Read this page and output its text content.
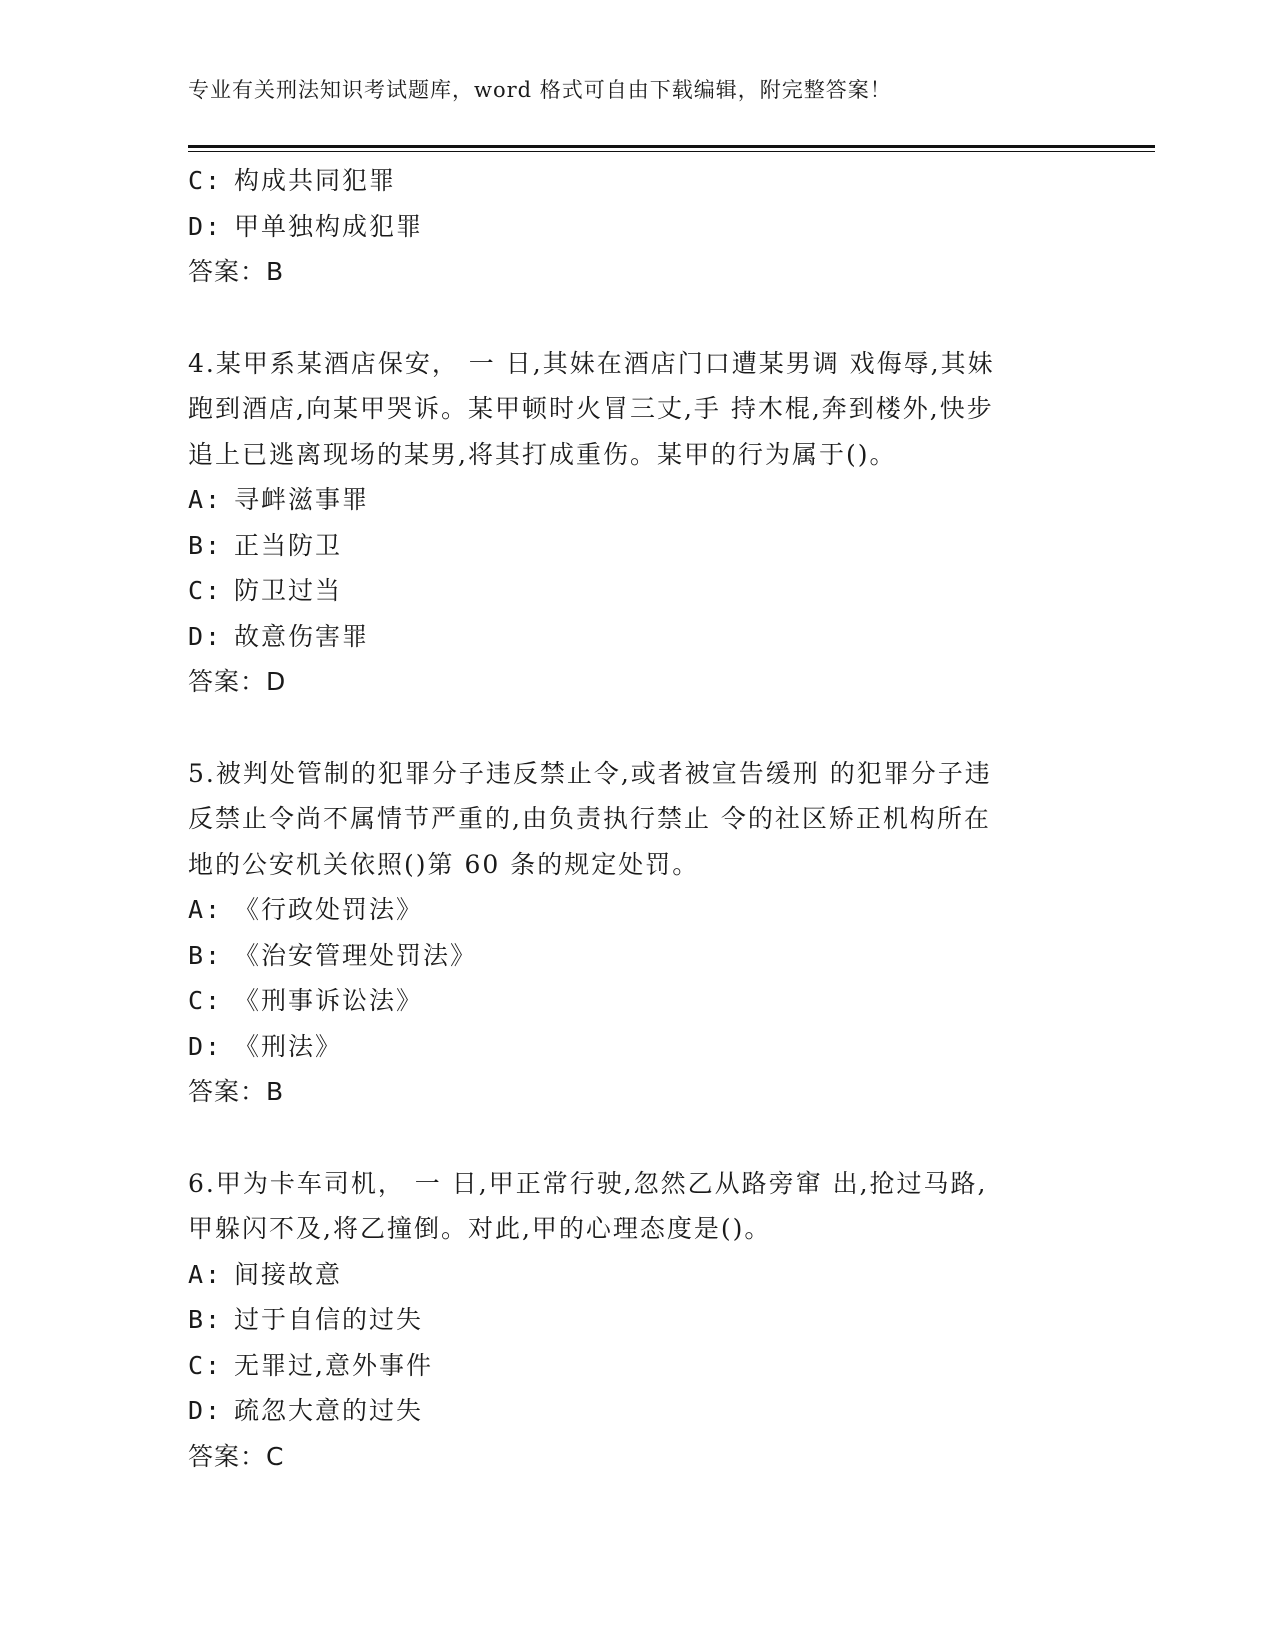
专业有关刑法知识考试题库，word 格式可自由下载编辑，附完整答案！
C: 构成共同犯罪
D: 甲单独构成犯罪
答案：B
4.某甲系某酒店保安， 一 日,其妹在酒店门口遭某男调 戏侮辱,其妹
跑到酒店,向某甲哭诉。某甲顿时火冒三丈,手 持木棍,奔到楼外,快步
追上已逃离现场的某男,将其打成重伤。某甲的行为属于()。
A: 寻衅滋事罪
B: 正当防卫
C: 防卫过当
D: 故意伤害罪
答案：D
5.被判处管制的犯罪分子违反禁止令,或者被宣告缓刑 的犯罪分子违
反禁止令尚不属情节严重的,由负责执行禁止 令的社区矫正机构所在
地的公安机关依照()第 60 条的规定处罚。
A: 《行政处罚法》
B: 《治安管理处罚法》
C: 《刑事诉讼法》
D: 《刑法》
答案：B
6.甲为卡车司机， 一 日,甲正常行驶,忽然乙从路旁窜 出,抢过马路,
甲躲闪不及,将乙撞倒。对此,甲的心理态度是()。
A: 间接故意
B: 过于自信的过失
C: 无罪过,意外事件
D: 疏忽大意的过失
答案：C
